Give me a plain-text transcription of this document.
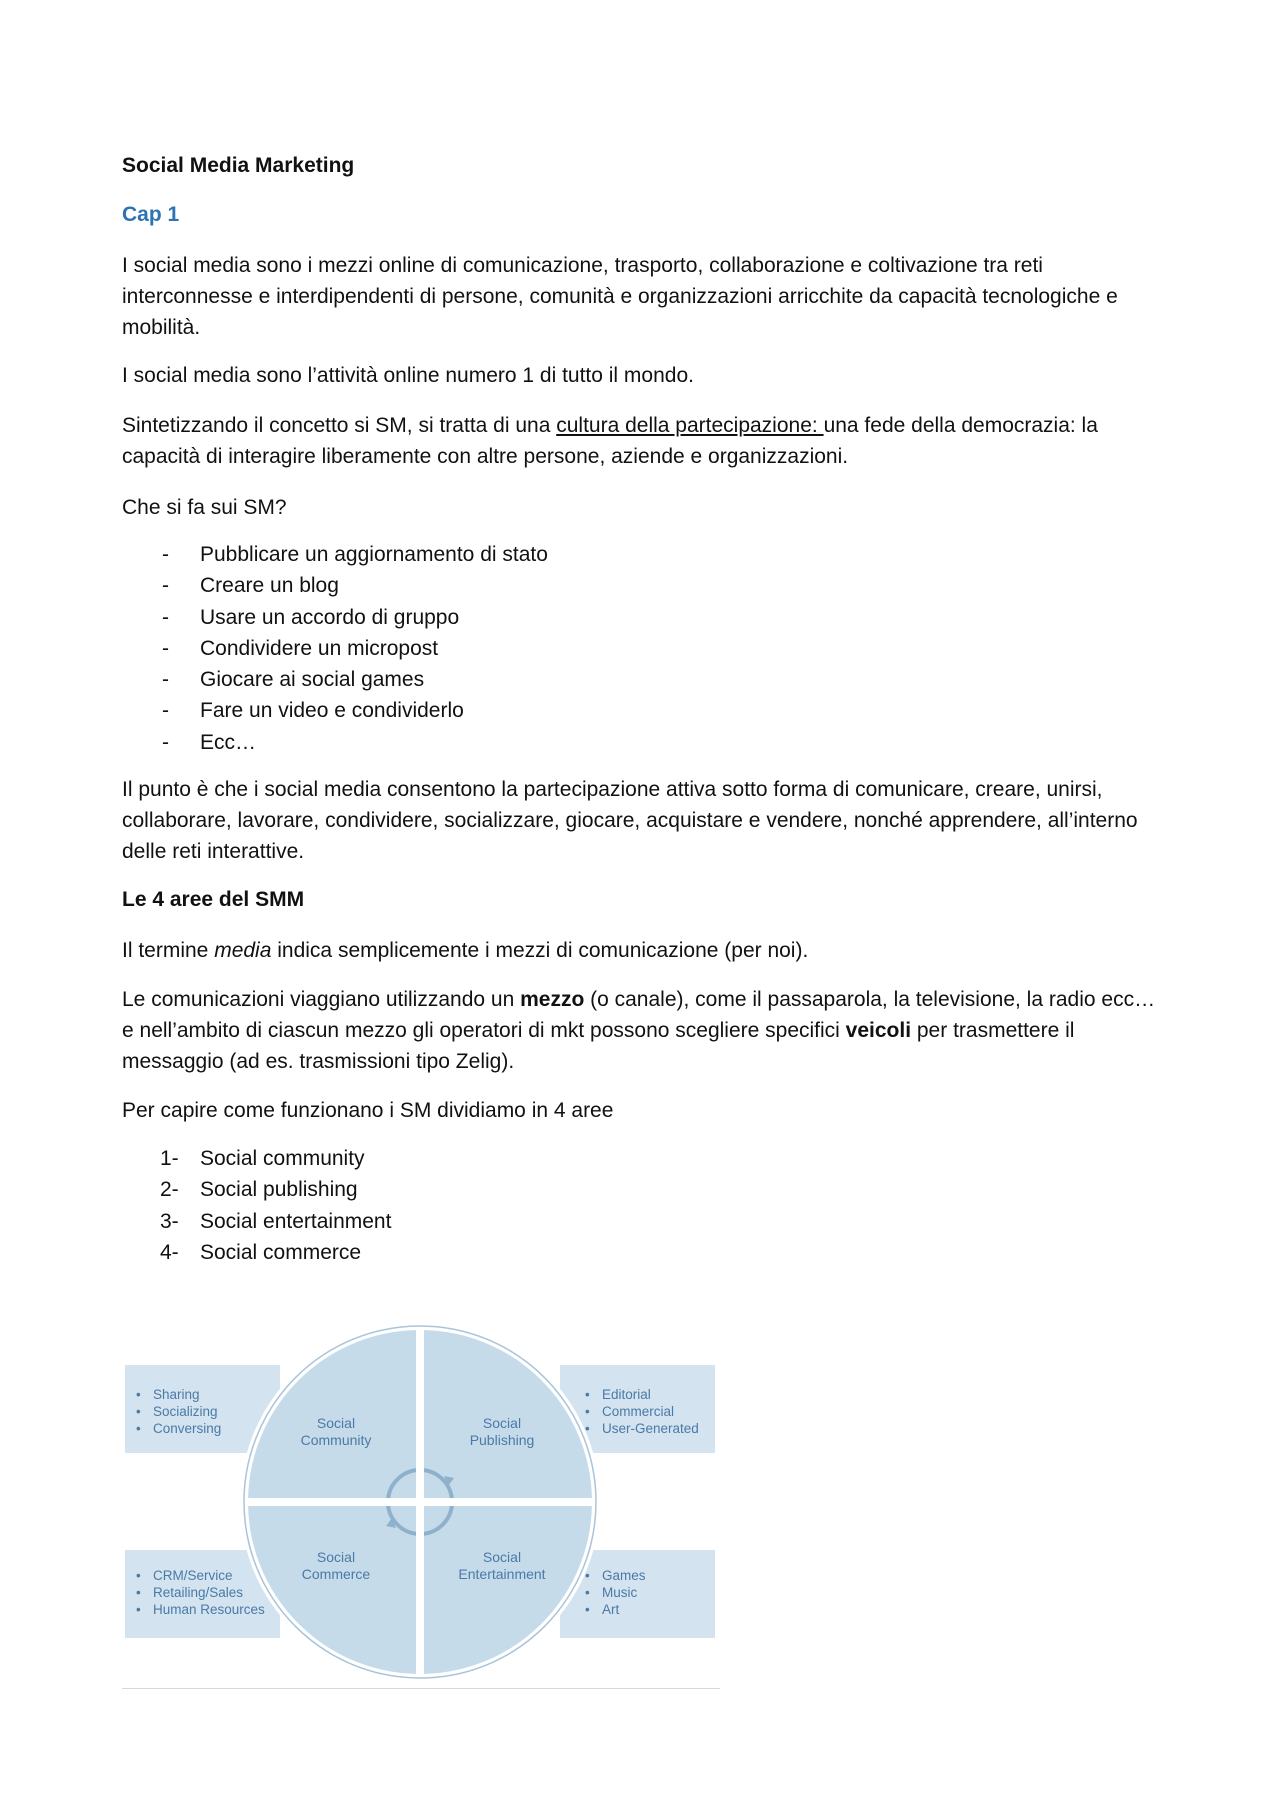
Social Media Marketing
Cap 1

I social media sono i mezzi online di comunicazione, trasporto, collaborazione e coltivazione tra reti interconnesse e interdipendenti di persone, comunità e organizzazioni arricchite da capacità tecnologiche e mobilità.

I social media sono l’attività online numero 1 di tutto il mondo.

Sintetizzando il concetto si SM, si tratta di una cultura della partecipazione: una fede della democrazia: la capacità di interagire liberamente con altre persone, aziende e organizzazioni.

Che si fa sui SM?

- Pubblicare un aggiornamento di stato
- Creare un blog
- Usare un accordo di gruppo
- Condividere un micropost
- Giocare ai social games
- Fare un video e condividerlo
- Ecc…

Il punto è che i social media consentono la partecipazione attiva sotto forma di comunicare, creare, unirsi, collaborare, lavorare, condividere, socializzare, giocare, acquistare e vendere, nonché apprendere, all’interno delle reti interattive.

Le 4 aree del SMM

Il termine media indica semplicemente i mezzi di comunicazione (per noi).

Le comunicazioni viaggiano utilizzando un mezzo (o canale), come il passaparola, la televisione, la radio ecc… e nell’ambito di ciascun mezzo gli operatori di mkt possono scegliere specifici veicoli per trasmettere il messaggio (ad es. trasmissioni tipo Zelig).

Per capire come funzionano i SM dividiamo in 4 aree

1- Social community
2- Social publishing
3- Social entertainment
4- Social commerce
Social
Community
Social
Publishing
Social
Commerce
Social
Entertainment
•
•
•
Sharing
Socializing
Conversing
•
•
•
Editorial
Commercial
User-Generated
•
•
•
CRM/Service
Retailing/Sales
Human Resources
•
•
•
Games
Music
Art
